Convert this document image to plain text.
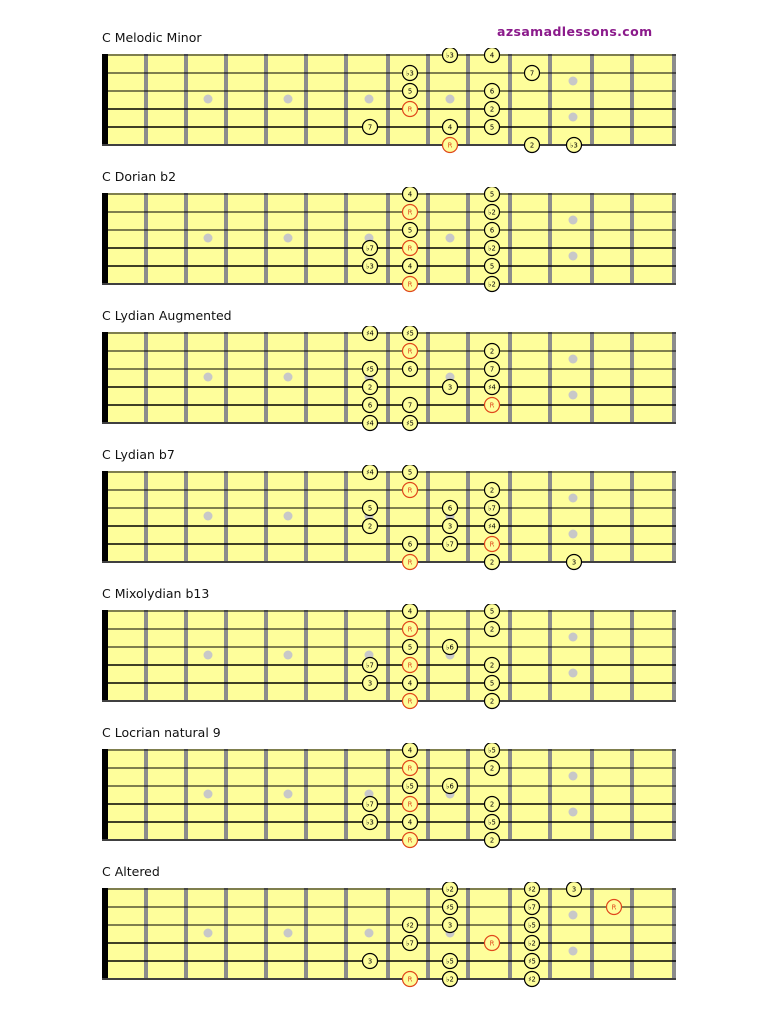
azsamadlessons.com
C Melodic Minor
♭3	4
♭3	7
5	6
R	2
7	4	5
R	2	♭3
C Dorian b2
4	5
R	♭2
5	6
♭7	R	♭2
♭3	4	5
R	♭2
C Lydian Augmented
♯4	♯5
R	2
♯5	6	7
2	3	♯4
6	7	R
♯4	♯5
C Lydian b7
♯4	5
R	2
5	6	♭7
2	3	♯4
6	♭7	R
R	2	3
C Mixolydian b13
4	5
R	2
5	♭6
♭7	R	2
3	4	5
R	2
C Locrian natural 9
4	♭5
R	2
♭5	♭6
♭7	R	2
♭3	4	♭5
R	2
C Altered
♭2	♯2	3
♯5	♭7	R
♯2	3	♭5
♭7	R	♭2
3	♭5	♯5
R	♭2	♯2
